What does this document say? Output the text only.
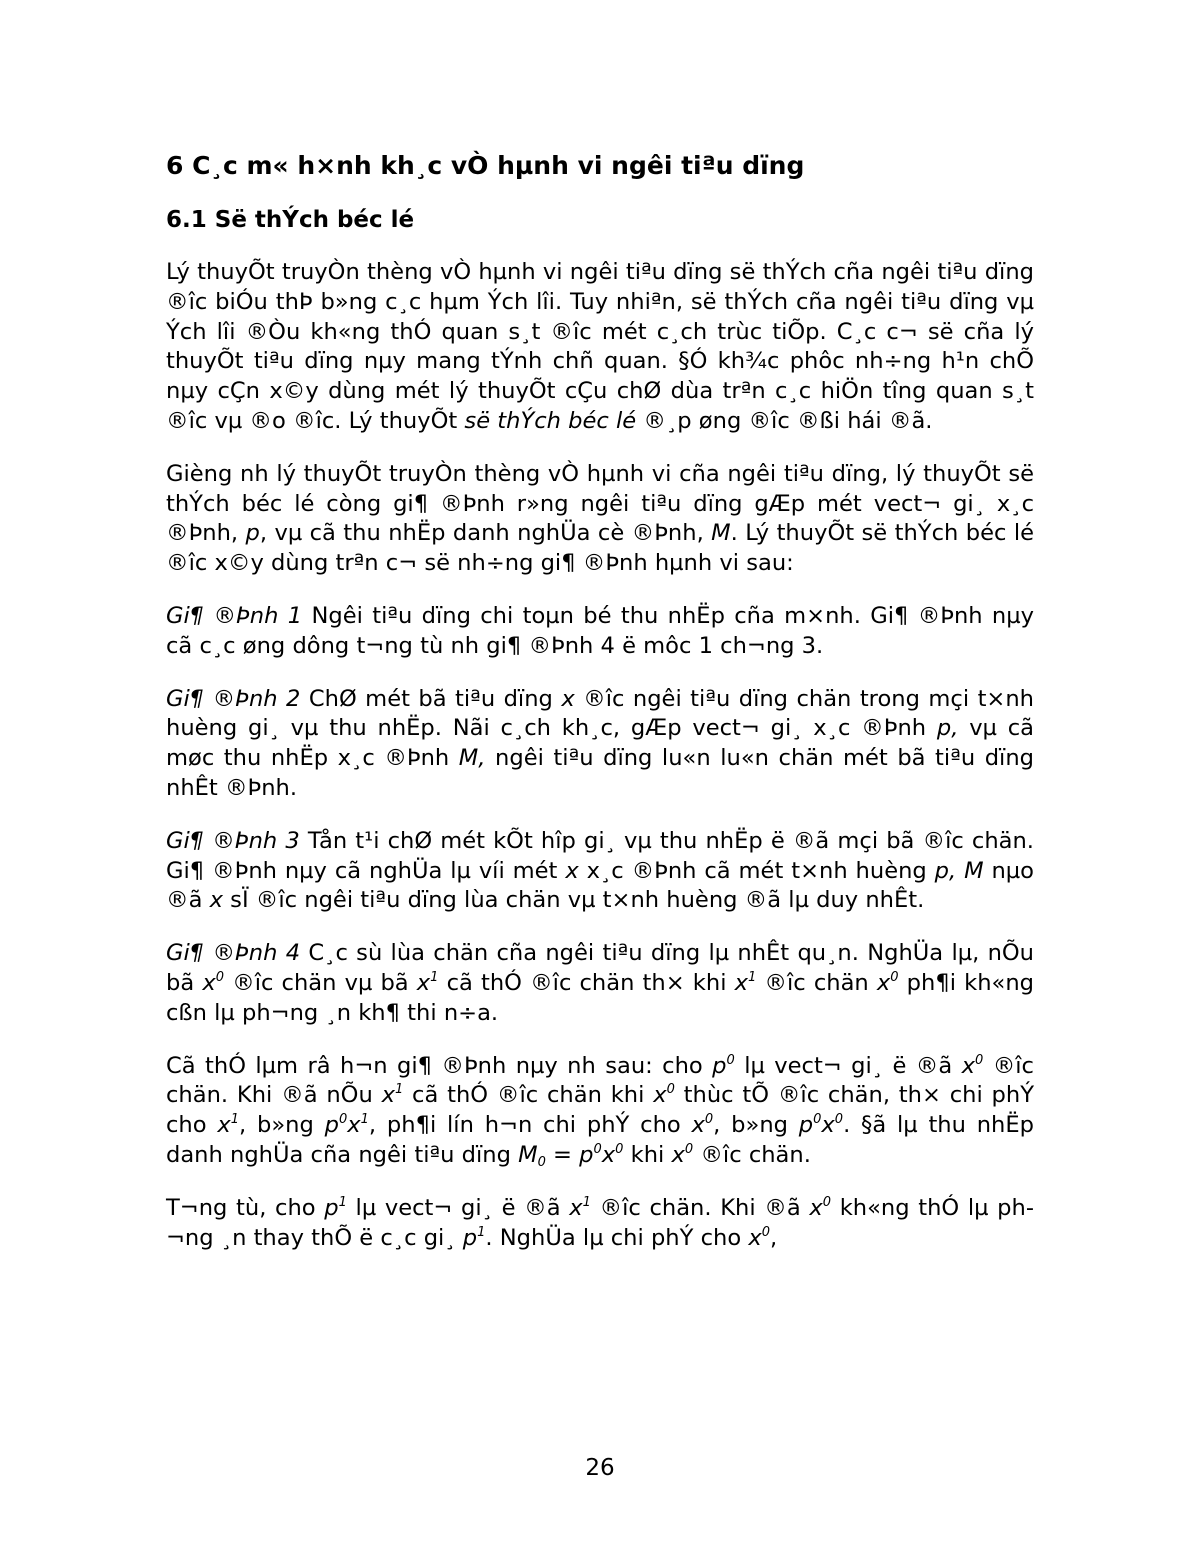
6 C¸c m« h×nh kh¸c vÒ hµnh vi ngêi tiªu dïng
6.1 Së thÝch béc lé

Lý thuyÕt truyÒn thèng vÒ hµnh vi ngêi tiªu dïng së thÝch cña ngêi tiªu dïng ®îc biÓu thÞ b»ng c¸c hµm Ých lîi. Tuy nhiªn, së thÝch cña ngêi tiªu dïng vµ Ých lîi ®Òu kh«ng thÓ quan s¸t ®îc mét c¸ch trùc tiÕp. C¸c c¬ së cña lý thuyÕt tiªu dïng nµy mang tÝnh chñ quan. §Ó kh¾c phôc nh÷ng h¹n chÕ nµy cÇn x©y dùng mét lý thuyÕt cÇu chØ dùa trªn c¸c hiÖn tîng quan s¸t ®îc vµ ®o ®îc. Lý thuyÕt së thÝch béc lé ®¸p øng ®îc ®ßi hái ®ã.

Gièng nh lý thuyÕt truyÒn thèng vÒ hµnh vi cña ngêi tiªu dïng, lý thuyÕt së thÝch béc lé còng gi¶ ®Þnh r»ng ngêi tiªu dïng gÆp mét vect¬ gi¸ x¸c ®Þnh, p, vµ cã thu nhËp danh nghÜa cè ®Þnh, M. Lý thuyÕt së thÝch béc lé ®îc x©y dùng trªn c¬ së nh÷ng gi¶ ®Þnh hµnh vi sau:

Gi¶ ®Þnh 1 Ngêi tiªu dïng chi toµn bé thu nhËp cña m×nh. Gi¶ ®Þnh nµy cã c¸c øng dông t¬ng tù nh gi¶ ®Þnh 4 ë môc 1 ch¬ng 3.

Gi¶ ®Þnh 2 ChØ mét bã tiªu dïng x ®îc ngêi tiªu dïng chän trong mçi t×nh huèng gi¸ vµ thu nhËp. Nãi c¸ch kh¸c, gÆp vect¬ gi¸ x¸c ®Þnh p, vµ cã møc thu nhËp x¸c ®Þnh M, ngêi tiªu dïng lu«n lu«n chän mét bã tiªu dïng nhÊt ®Þnh.

Gi¶ ®Þnh 3 Tån t¹i chØ mét kÕt hîp gi¸ vµ thu nhËp ë ®ã mçi bã ®îc chän. Gi¶ ®Þnh nµy cã nghÜa lµ víi mét x x¸c ®Þnh cã mét t×nh huèng p, M nµo ®ã x sÏ ®îc ngêi tiªu dïng lùa chän vµ t×nh huèng ®ã lµ duy nhÊt.

Gi¶ ®Þnh 4 C¸c sù lùa chän cña ngêi tiªu dïng lµ nhÊt qu¸n. NghÜa lµ, nÕu bã $x^0$ ®îc chän vµ bã $x^1$ cã thÓ ®îc chän th× khi $x^1$ ®îc chän $x^0$ ph¶i kh«ng cßn lµ ph¬ng ¸n kh¶ thi n÷a.

Cã thÓ lµm râ h¬n gi¶ ®Þnh nµy nh sau: cho $p^0$ lµ vect¬ gi¸ ë ®ã $x^0$ ®îc chän. Khi ®ã nÕu $x^1$ cã thÓ ®îc chän khi $x^0$ thùc tÕ ®îc chän, th× chi phÝ cho $x^1$, b»ng $p^0x^1$, ph¶i lín h¬n chi phÝ cho $x^0$, b»ng $p^0x^0$. §ã lµ thu nhËp danh nghÜa cña ngêi tiªu dïng $M_0 = p^0x^0$ khi $x^0$ ®îc chän.

T¬ng tù, cho $p^1$ lµ vect¬ gi¸ ë ®ã $x^1$ ®îc chän. Khi ®ã $x^0$ kh«ng thÓ lµ ph¬ng ¸n thay thÕ ë c¸c gi¸ $p^1$. NghÜa lµ chi phÝ cho $x^0$,

26
